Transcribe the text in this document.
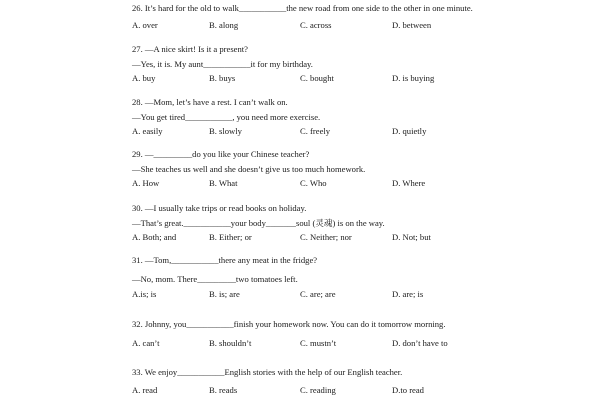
26. It’s hard for the old to walk___________the new road from one side to the other in one minute.
A. over	B. along	C. across	D. between
27. —A nice skirt! Is it a present?
—Yes, it is. My aunt___________it for my birthday.
A. buy	B. buys	C. bought	D. is buying
28. —Mom, let’s have a rest. I can’t walk on.
—You get tired___________, you need more exercise.
A. easily	B. slowly	C. freely	D. quietly
29. —_________do you like your Chinese teacher?
—She teaches us well and she doesn’t give us too much homework.
A. How	B. What	C. Who	D. Where
30. —I usually take trips or read books on holiday.
—That’s great.___________your body_______soul (灵魂) is on the way.
A. Both; and	B. Either; or	C. Neither; nor	D. Not; but
31. —Tom,___________there any meat in the fridge?
—No, mom. There_________two tomatoes left.
A.is; is	B. is; are	C. are; are	D. are; is
32. Johnny, you___________finish your homework now. You can do it tomorrow morning.
A. can’t	B. shouldn’t	C. mustn’t	D. don’t have to
33. We enjoy___________English stories with the help of our English teacher.
A. read	B. reads	C. reading	D.to read
